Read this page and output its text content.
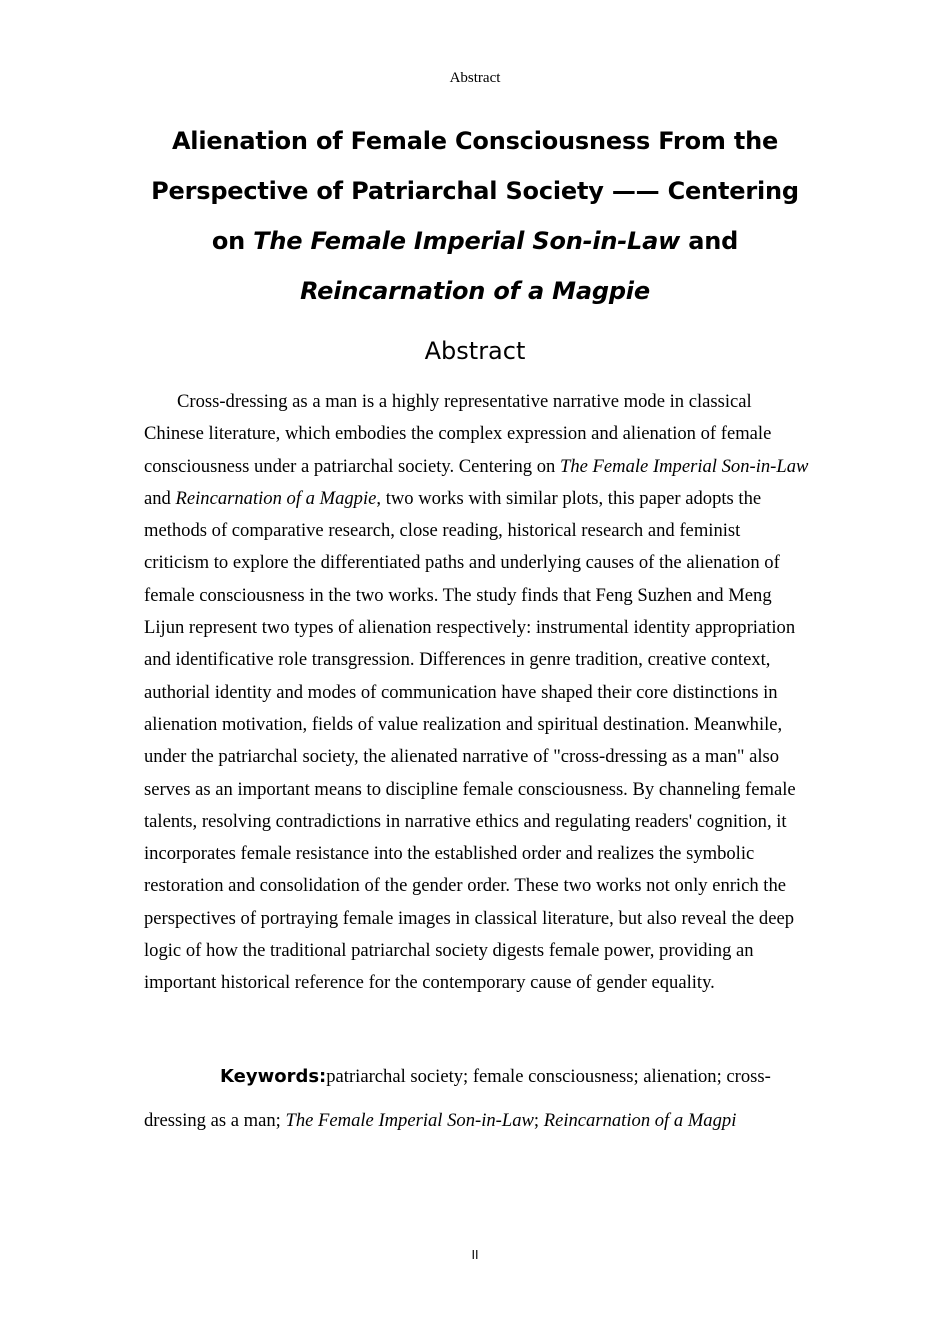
Abstract
Alienation of Female Consciousness From the Perspective of Patriarchal Society —— Centering on The Female Imperial Son-in-Law and Reincarnation of a Magpie
Abstract

Cross-dressing as a man is a highly representative narrative mode in classical Chinese literature, which embodies the complex expression and alienation of female consciousness under a patriarchal society. Centering on The Female Imperial Son-in-Law and Reincarnation of a Magpie, two works with similar plots, this paper adopts the methods of comparative research, close reading, historical research and feminist criticism to explore the differentiated paths and underlying causes of the alienation of female consciousness in the two works. The study finds that Feng Suzhen and Meng Lijun represent two types of alienation respectively: instrumental identity appropriation and identificative role transgression. Differences in genre tradition, creative context, authorial identity and modes of communication have shaped their core distinctions in alienation motivation, fields of value realization and spiritual destination. Meanwhile, under the patriarchal society, the alienated narrative of "cross-dressing as a man" also serves as an important means to discipline female consciousness. By channeling female talents, resolving contradictions in narrative ethics and regulating readers' cognition, it incorporates female resistance into the established order and realizes the symbolic restoration and consolidation of the gender order. These two works not only enrich the perspectives of portraying female images in classical literature, but also reveal the deep logic of how the traditional patriarchal society digests female power, providing an important historical reference for the contemporary cause of gender equality.

Keywords:patriarchal society; female consciousness; alienation; cross-dressing as a man; The Female Imperial Son-in-Law; Reincarnation of a Magpi

II
